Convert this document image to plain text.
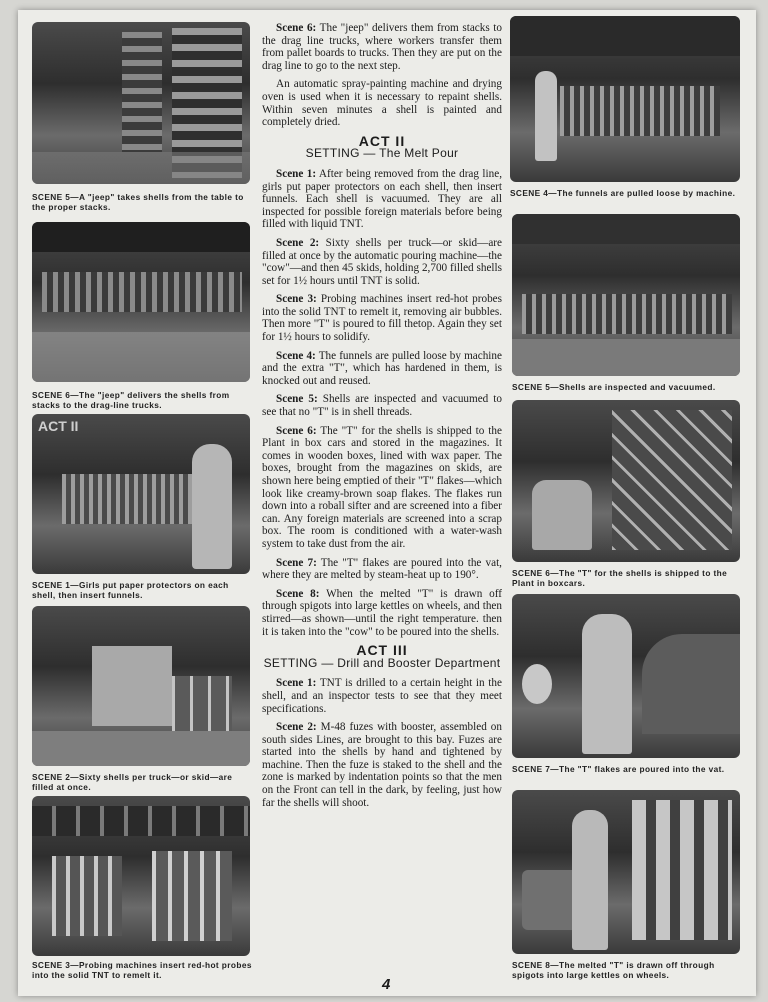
SCENE 5—A "jeep" takes shells from the table to the proper stacks.
SCENE 6—The "jeep" delivers the shells from stacks to the drag-line trucks.
ACT II
SCENE 1—Girls put paper protectors on each shell, then insert funnels.
SCENE 2—Sixty shells per truck—or skid—are filled at once.
SCENE 3—Probing machines insert red-hot probes into the solid TNT to remelt it.

Scene 6: The "jeep" delivers them from stacks to the drag line trucks, where workers transfer them from pallet boards to trucks. Then they are put on the drag line to go to the next step.

An automatic spray-painting machine and drying oven is used when it is necessary to repaint shells. Within seven minutes a shell is painted and completely dried.

ACT II
SETTING — The Melt Pour

Scene 1: After being removed from the drag line, girls put paper protectors on each shell, then insert funnels. Each shell is vacuumed. They are all inspected for possible foreign materials before being filled with liquid TNT.

Scene 2: Sixty shells per truck—or skid—are filled at once by the automatic pouring machine—the "cow"—and then 45 skids, holding 2,700 filled shells set for 1½ hours until TNT is solid.

Scene 3: Probing machines insert red-hot probes into the solid TNT to remelt it, removing air bubbles. Then more "T" is poured to fill thetop. Again they set for 1½ hours to solidify.

Scene 4: The funnels are pulled loose by machine and the extra "T", which has hardened in them, is knocked out and reused.

Scene 5: Shells are inspected and vacuumed to see that no "T" is in shell threads.

Scene 6: The "T" for the shells is shipped to the Plant in box cars and stored in the magazines. It comes in wooden boxes, lined with wax paper. The boxes, brought from the magazines on skids, are shown here being emptied of their "T" flakes—which look like creamy-brown soap flakes. The flakes run down into a roball sifter and are screened into a fiber can. Any foreign materials are screened into a scrap box. The room is conditioned with a water-wash system to take dust from the air.

Scene 7: The "T" flakes are poured into the vat, where they are melted by steam-heat up to 190°.

Scene 8: When the melted "T" is drawn off through spigots into large kettles on wheels, and then stirred—as shown—until the right temperature. then it is taken into the "cow" to be poured into the shells.

ACT III
SETTING — Drill and Booster Department

Scene 1: TNT is drilled to a certain height in the shell, and an inspector tests to see that they meet specifications.

Scene 2: M-48 fuzes with booster, assembled on south sides Lines, are brought to this bay. Fuzes are started into the shells by hand and tightened by machine. Then the fuze is staked to the shell and the zone is marked by indentation points so that the men on the Front can tell in the dark, by feeling, just how far the shells will shoot.

SCENE 4—The funnels are pulled loose by machine.
SCENE 5—Shells are inspected and vacuumed.
SCENE 6—The "T" for the shells is shipped to the Plant in boxcars.
SCENE 7—The "T" flakes are poured into the vat.
SCENE 8—The melted "T" is drawn off through spigots into large kettles on wheels.
4
